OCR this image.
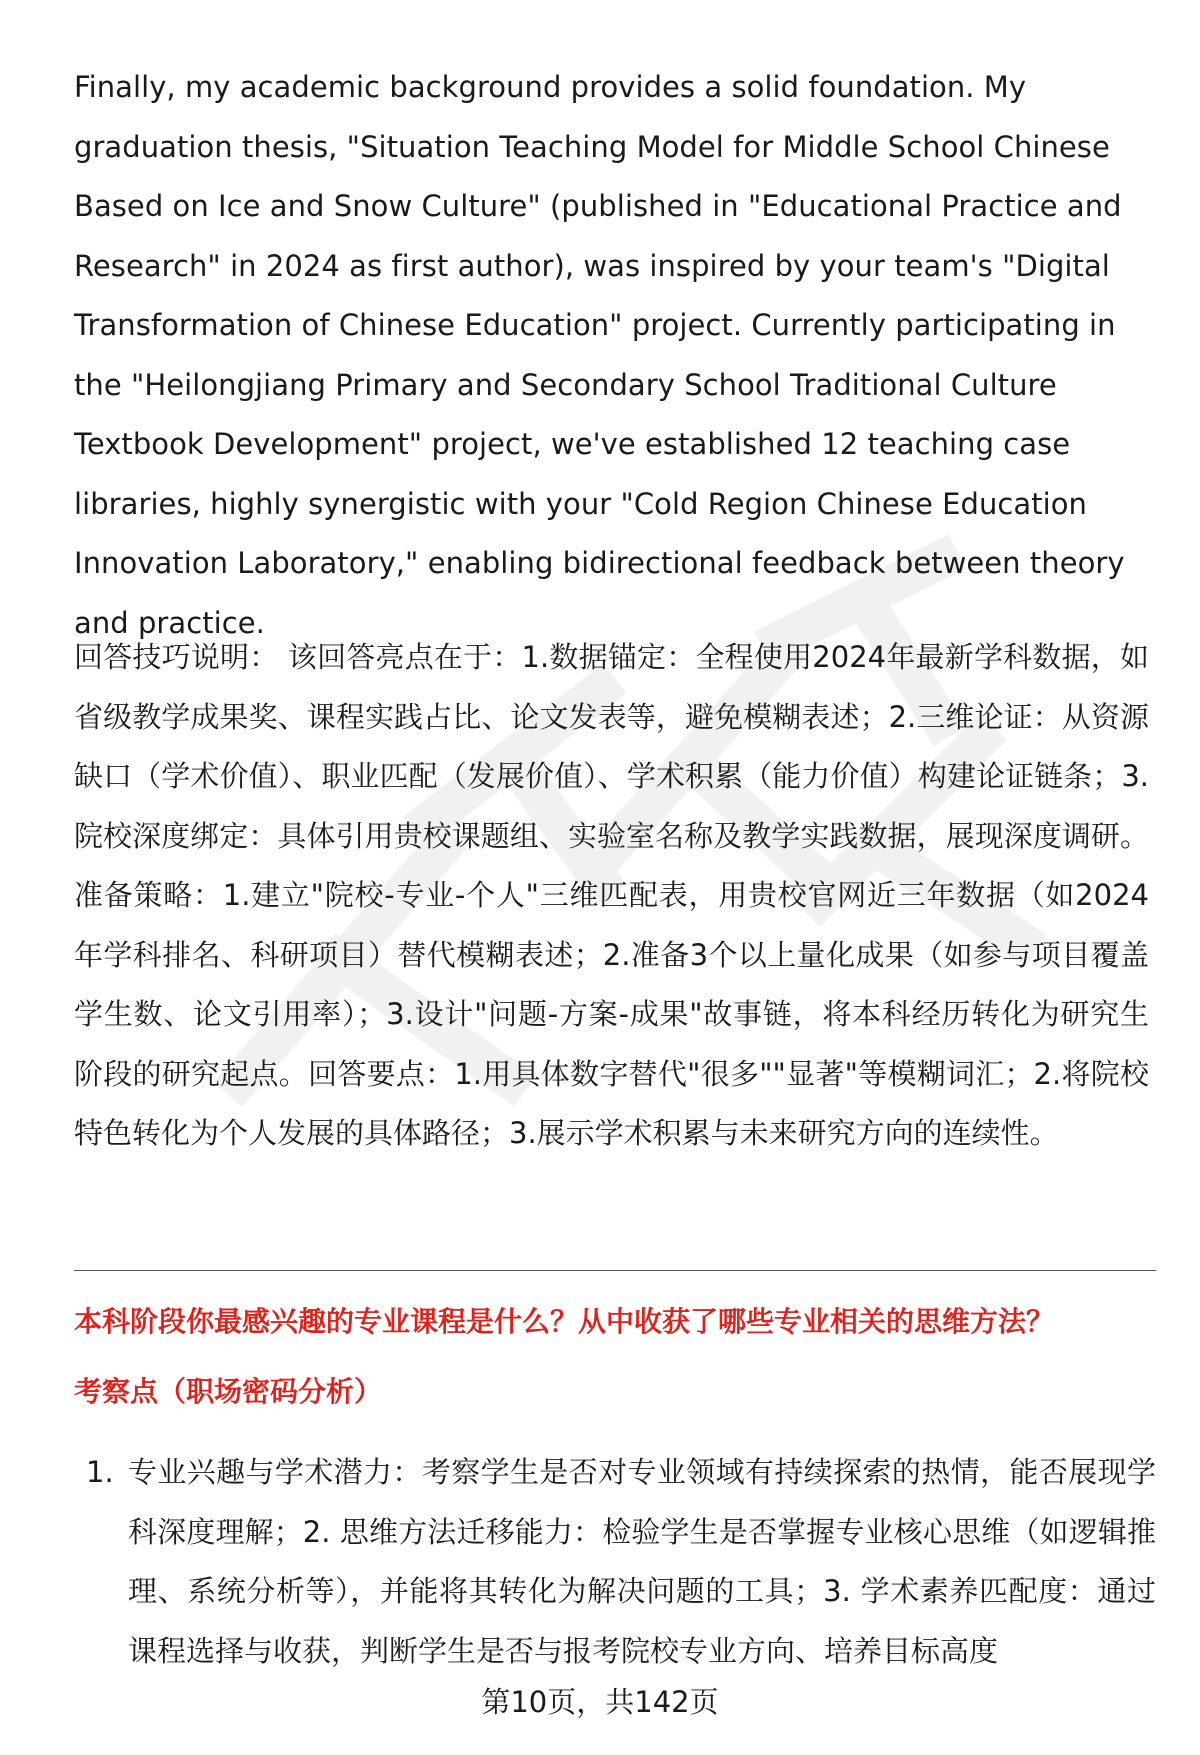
Finally, my academic background provides a solid foundation. My graduation thesis, "Situation Teaching Model for Middle School Chinese Based on Ice and Snow Culture" (published in "Educational Practice and Research" in 2024 as first author), was inspired by your team's "Digital Transformation of Chinese Education" project. Currently participating in the "Heilongjiang Primary and Secondary School Traditional Culture Textbook Development" project, we've established 12 teaching case libraries, highly synergistic with your "Cold Region Chinese Education Innovation Laboratory," enabling bidirectional feedback between theory and practice.

回答技巧说明： 该回答亮点在于：1.数据锚定：全程使用2024年最新学科数据，如省级教学成果奖、课程实践占比、论文发表等，避免模糊表述；2.三维论证：从资源缺口（学术价值）、职业匹配（发展价值）、学术积累（能力价值）构建论证链条；3.院校深度绑定：具体引用贵校课题组、实验室名称及教学实践数据，展现深度调研。准备策略：1.建立"院校-专业-个人"三维匹配表，用贵校官网近三年数据（如2024年学科排名、科研项目）替代模糊表述；2.准备3个以上量化成果（如参与项目覆盖学生数、论文引用率）；3.设计"问题-方案-成果"故事链，将本科经历转化为研究生阶段的研究起点。回答要点：1.用具体数字替代"很多""显著"等模糊词汇；2.将院校特色转化为个人发展的具体路径；3.展示学术积累与未来研究方向的连续性。

本科阶段你最感兴趣的专业课程是什么？从中收获了哪些专业相关的思维方法？
考察点（职场密码分析）
1. 专业兴趣与学术潜力：考察学生是否对专业领域有持续探索的热情，能否展现学科深度理解；2. 思维方法迁移能力：检验学生是否掌握专业核心思维（如逻辑推理、系统分析等），并能将其转化为解决问题的工具；3. 学术素养匹配度：通过课程选择与收获，判断学生是否与报考院校专业方向、培养目标高度

第10页，共142页
